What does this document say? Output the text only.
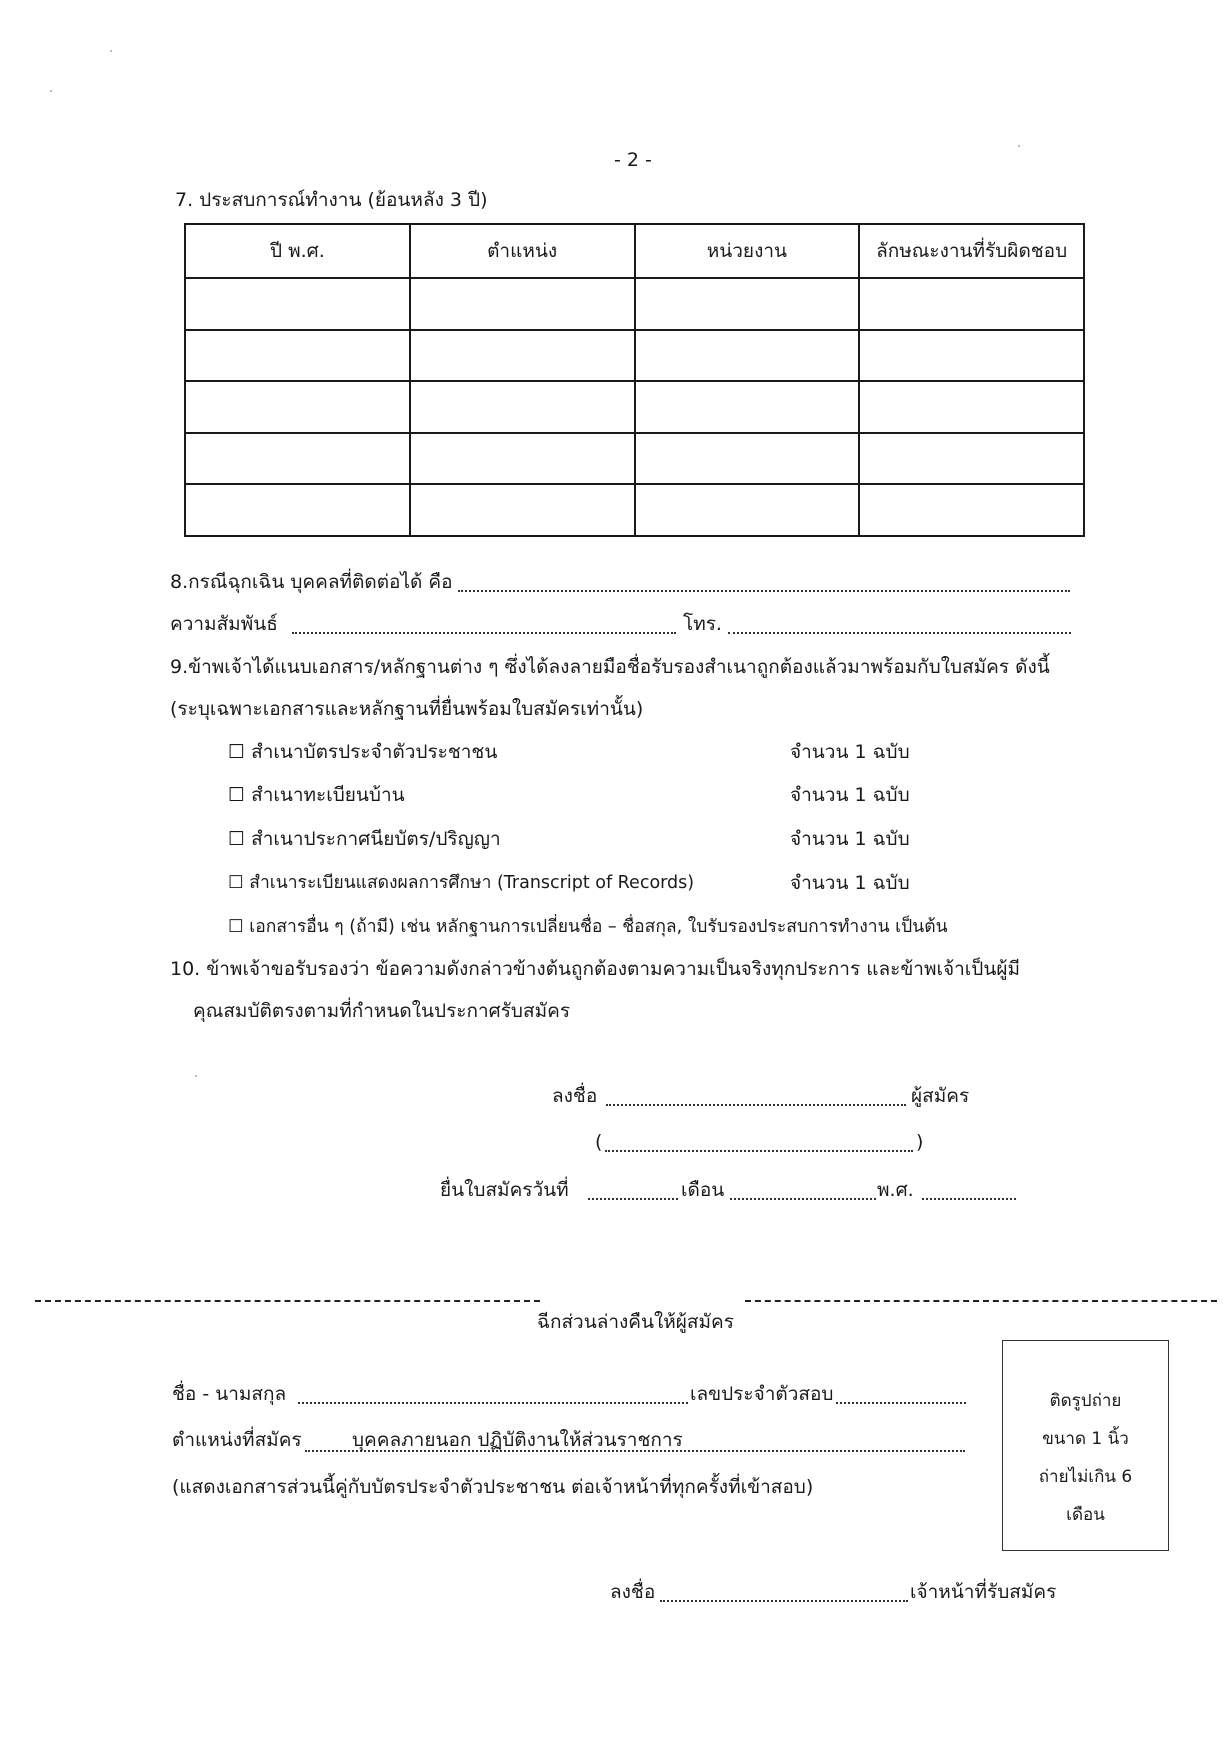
- 2 -
7. ประสบการณ์ทำงาน (ย้อนหลัง 3 ปี)
ปี พ.ศ.	ตำแหน่ง	หน่วยงาน	ลักษณะงานที่รับผิดชอบ

8.กรณีฉุกเฉิน บุคคลที่ติดต่อได้ คือ
ความสัมพันธ์	โทร.
9.ข้าพเจ้าได้แนบเอกสาร/หลักฐานต่าง ๆ ซึ่งได้ลงลายมือชื่อรับรองสำเนาถูกต้องแล้วมาพร้อมกับใบสมัคร ดังนี้
(ระบุเฉพาะเอกสารและหลักฐานที่ยื่นพร้อมใบสมัครเท่านั้น)
☐ สำเนาบัตรประจำตัวประชาชน	จำนวน 1 ฉบับ
☐ สำเนาทะเบียนบ้าน	จำนวน 1 ฉบับ
☐ สำเนาประกาศนียบัตร/ปริญญา	จำนวน 1 ฉบับ
☐ สำเนาระเบียนแสดงผลการศึกษา (Transcript of Records)	จำนวน 1 ฉบับ
☐ เอกสารอื่น ๆ (ถ้ามี) เช่น หลักฐานการเปลี่ยนชื่อ – ชื่อสกุล, ใบรับรองประสบการทำงาน เป็นต้น
10. ข้าพเจ้าขอรับรองว่า ข้อความดังกล่าวข้างต้นถูกต้องตามความเป็นจริงทุกประการ และข้าพเจ้าเป็นผู้มี
คุณสมบัติตรงตามที่กำหนดในประกาศรับสมัคร
ลงชื่อ	ผู้สมัคร
(	)
ยื่นใบสมัครวันที่	เดือน	พ.ศ.
ฉีกส่วนล่างคืนให้ผู้สมัคร
ชื่อ - นามสกุล	เลขประจำตัวสอบ
ตำแหน่งที่สมัคร	บุคคลภายนอก ปฏิบัติงานให้ส่วนราชการ
(แสดงเอกสารส่วนนี้คู่กับบัตรประจำตัวประชาชน ต่อเจ้าหน้าที่ทุกครั้งที่เข้าสอบ)
ติดรูปถ่าย
ขนาด 1 นิ้ว
ถ่ายไม่เกิน 6
เดือน
ลงชื่อ	เจ้าหน้าที่รับสมัคร
